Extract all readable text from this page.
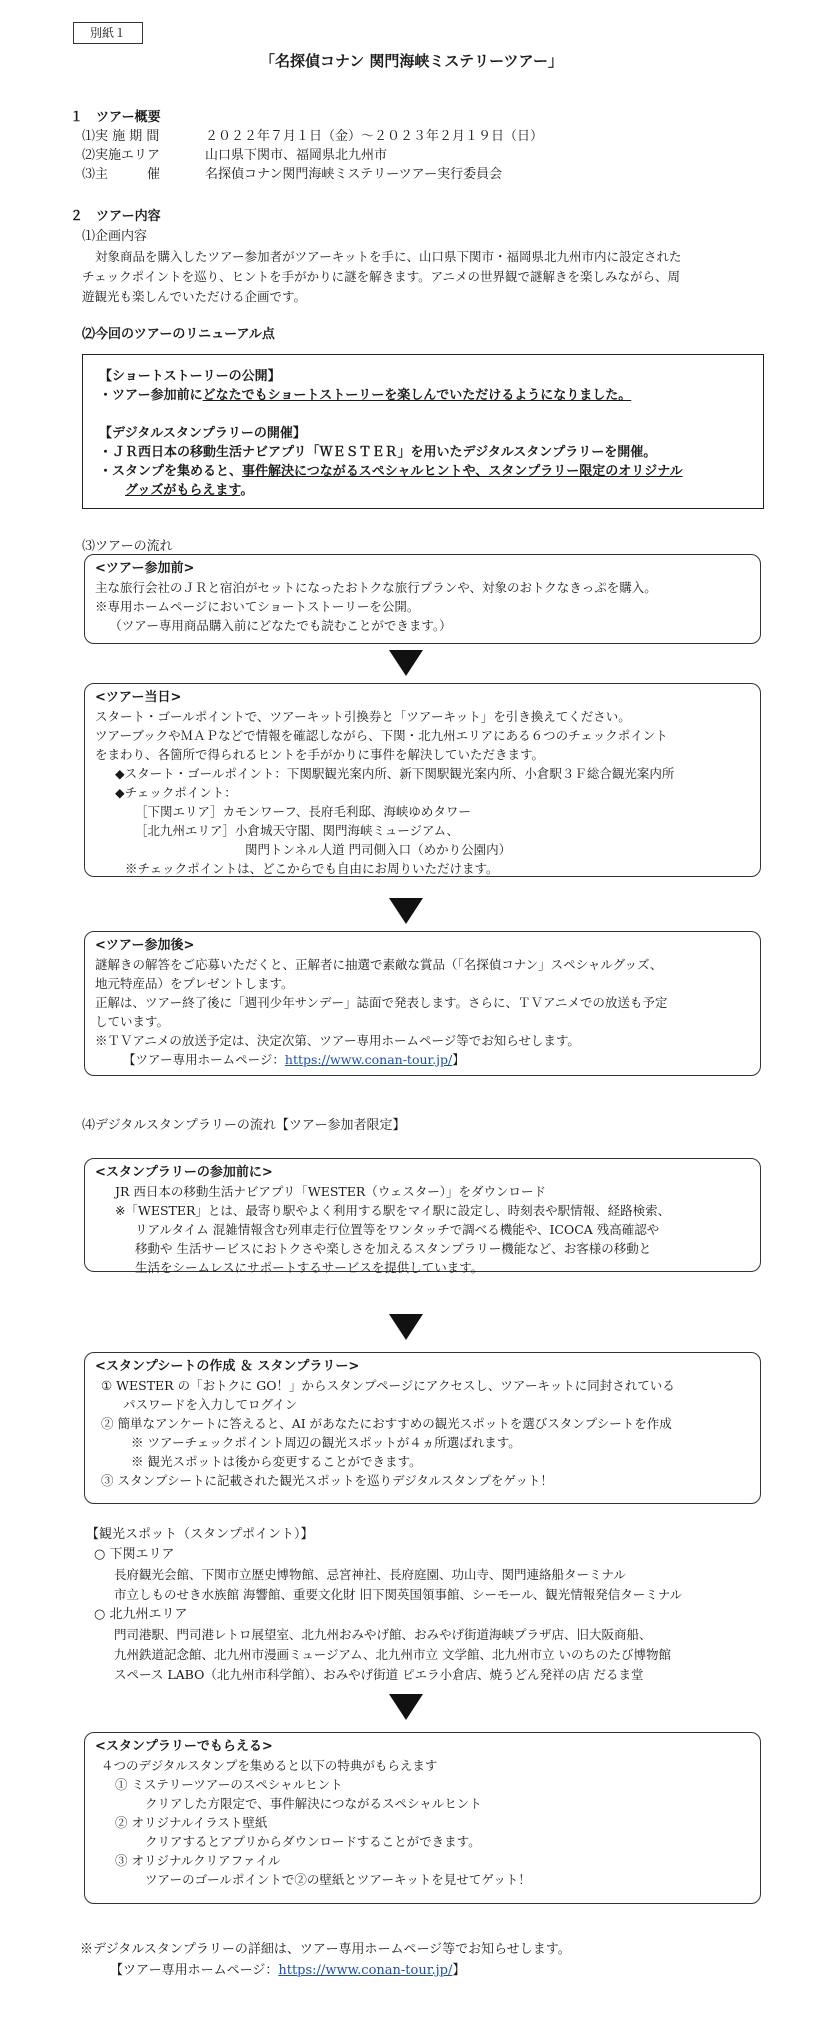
別紙１
「名探偵コナン 関門海峡ミステリーツアー」
１　ツアー概要
⑴実 施 期 間	２０２２年７月１日（金）～２０２３年２月１９日（日）
⑵実施エリア	山口県下関市、福岡県北九州市
⑶主　　　催	名探偵コナン関門海峡ミステリーツアー実行委員会
２　ツアー内容
⑴企画内容
対象商品を購入したツアー参加者がツアーキットを手に、山口県下関市・福岡県北九州市内に設定された
チェックポイントを巡り、ヒントを手がかりに謎を解きます。アニメの世界観で謎解きを楽しみながら、周
遊観光も楽しんでいただける企画です。
⑵今回のツアーのリニューアル点
【ショートストーリーの公開】
・ツアー参加前にどなたでもショートストーリーを楽しんでいただけるようになりました。
【デジタルスタンプラリーの開催】
・ＪＲ西日本の移動生活ナビアプリ「ＷＥＳＴＥＲ」を用いたデジタルスタンプラリーを開催。
・スタンプを集めると、事件解決につながるスペシャルヒントや、スタンプラリー限定のオリジナル
グッズがもらえます。
⑶ツアーの流れ
<ツアー参加前>
主な旅行会社のＪＲと宿泊がセットになったおトクな旅行プランや、対象のおトクなきっぷを購入。
※専用ホームページにおいてショートストーリーを公開。
　（ツアー専用商品購入前にどなたでも読むことができます。）
<ツアー当日>
スタート・ゴールポイントで、ツアーキット引換券と「ツアーキット」を引き換えてください。
ツアーブックやＭＡＰなどで情報を確認しながら、下関・北九州エリアにある６つのチェックポイント
をまわり、各箇所で得られるヒントを手がかりに事件を解決していただきます。
◆スタート・ゴールポイント：下関駅観光案内所、新下関駅観光案内所、小倉駅３Ｆ総合観光案内所
◆チェックポイント：
［下関エリア］カモンワーフ、長府毛利邸、海峡ゆめタワー
［北九州エリア］小倉城天守閣、関門海峡ミュージアム、
関門トンネル人道 門司側入口（めかり公園内）
※チェックポイントは、どこからでも自由にお周りいただけます。
<ツアー参加後>
謎解きの解答をご応募いただくと、正解者に抽選で素敵な賞品（「名探偵コナン」スペシャルグッズ、
地元特産品）をプレゼントします。
正解は、ツアー終了後に「週刊少年サンデー」誌面で発表します。さらに、ＴＶアニメでの放送も予定
しています。
※ＴＶアニメの放送予定は、決定次第、ツアー専用ホームページ等でお知らせします。
【ツアー専用ホームページ：https://www.conan-tour.jp/】
⑷デジタルスタンプラリーの流れ【ツアー参加者限定】
<スタンプラリーの参加前に>
JR 西日本の移動生活ナビアプリ「WESTER（ウェスター）」をダウンロード
※「WESTER」とは、最寄り駅やよく利用する駅をマイ駅に設定し、時刻表や駅情報、経路検索、
リアルタイム 混雑情報含む列車走行位置等をワンタッチで調べる機能や、ICOCA 残高確認や
移動や 生活サービスにおトクさや楽しさを加えるスタンプラリー機能など、お客様の移動と
生活をシームレスにサポートするサービスを提供しています。
<スタンプシートの作成 ＆ スタンプラリー>
① WESTER の「おトクに GO！」からスタンプページにアクセスし、ツアーキットに同封されている
パスワードを入力してログイン
② 簡単なアンケートに答えると、AI があなたにおすすめの観光スポットを選びスタンプシートを作成
※ ツアーチェックポイント周辺の観光スポットが４ヵ所選ばれます。
※ 観光スポットは後から変更することができます。
③ スタンプシートに記載された観光スポットを巡りデジタルスタンプをゲット！
【観光スポット（スタンプポイント）】
○ 下関エリア
長府観光会館、下関市立歴史博物館、忌宮神社、長府庭園、功山寺、関門連絡船ターミナル
市立しものせき水族館 海響館、重要文化財 旧下関英国領事館、シーモール、観光情報発信ターミナル
○ 北九州エリア
門司港駅、門司港レトロ展望室、北九州おみやげ館、おみやげ街道海峡プラザ店、旧大阪商船、
九州鉄道記念館、北九州市漫画ミュージアム、北九州市立 文学館、北九州市立 いのちのたび博物館
スペース LABO（北九州市科学館）、おみやげ街道 ピエラ小倉店、焼うどん発祥の店 だるま堂
<スタンプラリーでもらえる>
４つのデジタルスタンプを集めると以下の特典がもらえます
① ミステリーツアーのスペシャルヒント
クリアした方限定で、事件解決につながるスペシャルヒント
② オリジナルイラスト壁紙
クリアするとアプリからダウンロードすることができます。
③ オリジナルクリアファイル
ツアーのゴールポイントで②の壁紙とツアーキットを見せてゲット！
※デジタルスタンプラリーの詳細は、ツアー専用ホームページ等でお知らせします。
【ツアー専用ホームページ：https://www.conan-tour.jp/】
